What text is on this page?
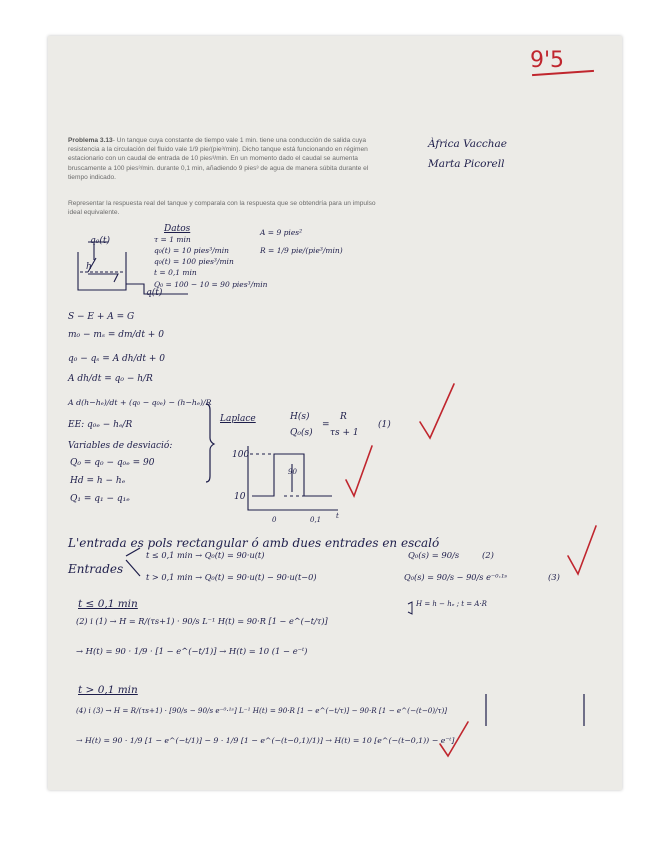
9'5
Àfrica Vacchae
Marta Picorell
Problema 3.13- Un tanque cuya constante de tiempo vale 1 min. tiene una conducción de salida cuya resistencia a la circulación del fluido vale 1/9 pie/(pie³/min). Dicho tanque está funcionando en régimen estacionario con un caudal de entrada de 10 pies³/min. En un momento dado el caudal se aumenta bruscamente a 100 pies³/min. durante 0,1 min, añadiendo 9 pies³ de agua de manera súbita durante el tiempo indicado.
Representar la respuesta real del tanque y comparala con la respuesta que se obtendría para un impulso ideal equivalente.
q₀(t)
h
q(t)
Datos
τ = 1 min
q₀(t) = 10 pies³/min
q₀(t) = 100 pies³/min
t = 0,1 min
Q₀ = 100 − 10 = 90 pies³/min
A = 9 pies²
R = 1/9 pie/(pie³/min)
S − E + A = G
m₀ − mₛ = dm/dt + 0
q₀ − qₛ = A dh/dt + 0
A dh/dt = q₀ − h/R
A d(h−hₑ)/dt + (q₀ − q₀ₑ) − (h−hₑ)/R
EE: q₀ₑ − hₑ/R
Variables de desviació:
Q₀ = q₀ − q₀ₑ = 90
Hd = h − hₑ
Q₁ = q₁ − q₁ₑ
Laplace	H(s)
Q₀(s)
=
R
τs + 1
(1)
100
10
0	0,1 t
90
L'entrada es pols rectangular ó amb dues entrades en escaló
Entrades
t ≤ 0,1 min → Q₀(t) = 90·u(t)
t > 0,1 min → Q₀(t) = 90·u(t) − 90·u(t−0)
Q₀(s) = 90/s	(2)
Q₀(s) = 90/s − 90/s e⁻⁰·¹ˢ	(3)
t ≤ 0,1 min
(2) i (1) → H = R/(τs+1) · 90/s L⁻¹ H(t) = 90·R [1 − e^(−t/τ)]
H = h − hₑ ; t = A·R
→ H(t) = 90 · 1/9 · [1 − e^(−t/1)] → H(t) = 10 (1 − e⁻ᵗ)
t > 0,1 min
(4) i (3) → H = R/(τs+1) · [90/s − 90/s e⁻⁰·¹ˢ] L⁻¹ H(t) = 90·R [1 − e^(−t/τ)] − 90·R [1 − e^(−(t−0)/τ)]
→ H(t) = 90 · 1/9 [1 − e^(−t/1)] − 9 · 1/9 [1 − e^(−(t−0,1)/1)] → H(t) = 10 [e^(−(t−0,1)) − e⁻ᵗ]
